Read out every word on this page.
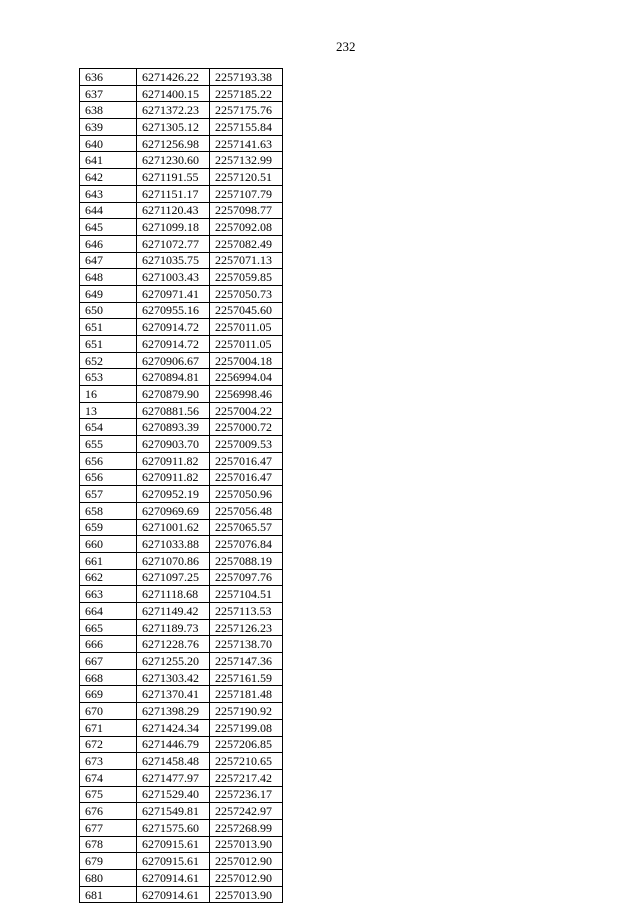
232
636	6271426.22	2257193.38
637	6271400.15	2257185.22
638	6271372.23	2257175.76
639	6271305.12	2257155.84
640	6271256.98	2257141.63
641	6271230.60	2257132.99
642	6271191.55	2257120.51
643	6271151.17	2257107.79
644	6271120.43	2257098.77
645	6271099.18	2257092.08
646	6271072.77	2257082.49
647	6271035.75	2257071.13
648	6271003.43	2257059.85
649	6270971.41	2257050.73
650	6270955.16	2257045.60
651	6270914.72	2257011.05
651	6270914.72	2257011.05
652	6270906.67	2257004.18
653	6270894.81	2256994.04
16	6270879.90	2256998.46
13	6270881.56	2257004.22
654	6270893.39	2257000.72
655	6270903.70	2257009.53
656	6270911.82	2257016.47
656	6270911.82	2257016.47
657	6270952.19	2257050.96
658	6270969.69	2257056.48
659	6271001.62	2257065.57
660	6271033.88	2257076.84
661	6271070.86	2257088.19
662	6271097.25	2257097.76
663	6271118.68	2257104.51
664	6271149.42	2257113.53
665	6271189.73	2257126.23
666	6271228.76	2257138.70
667	6271255.20	2257147.36
668	6271303.42	2257161.59
669	6271370.41	2257181.48
670	6271398.29	2257190.92
671	6271424.34	2257199.08
672	6271446.79	2257206.85
673	6271458.48	2257210.65
674	6271477.97	2257217.42
675	6271529.40	2257236.17
676	6271549.81	2257242.97
677	6271575.60	2257268.99
678	6270915.61	2257013.90
679	6270915.61	2257012.90
680	6270914.61	2257012.90
681	6270914.61	2257013.90
